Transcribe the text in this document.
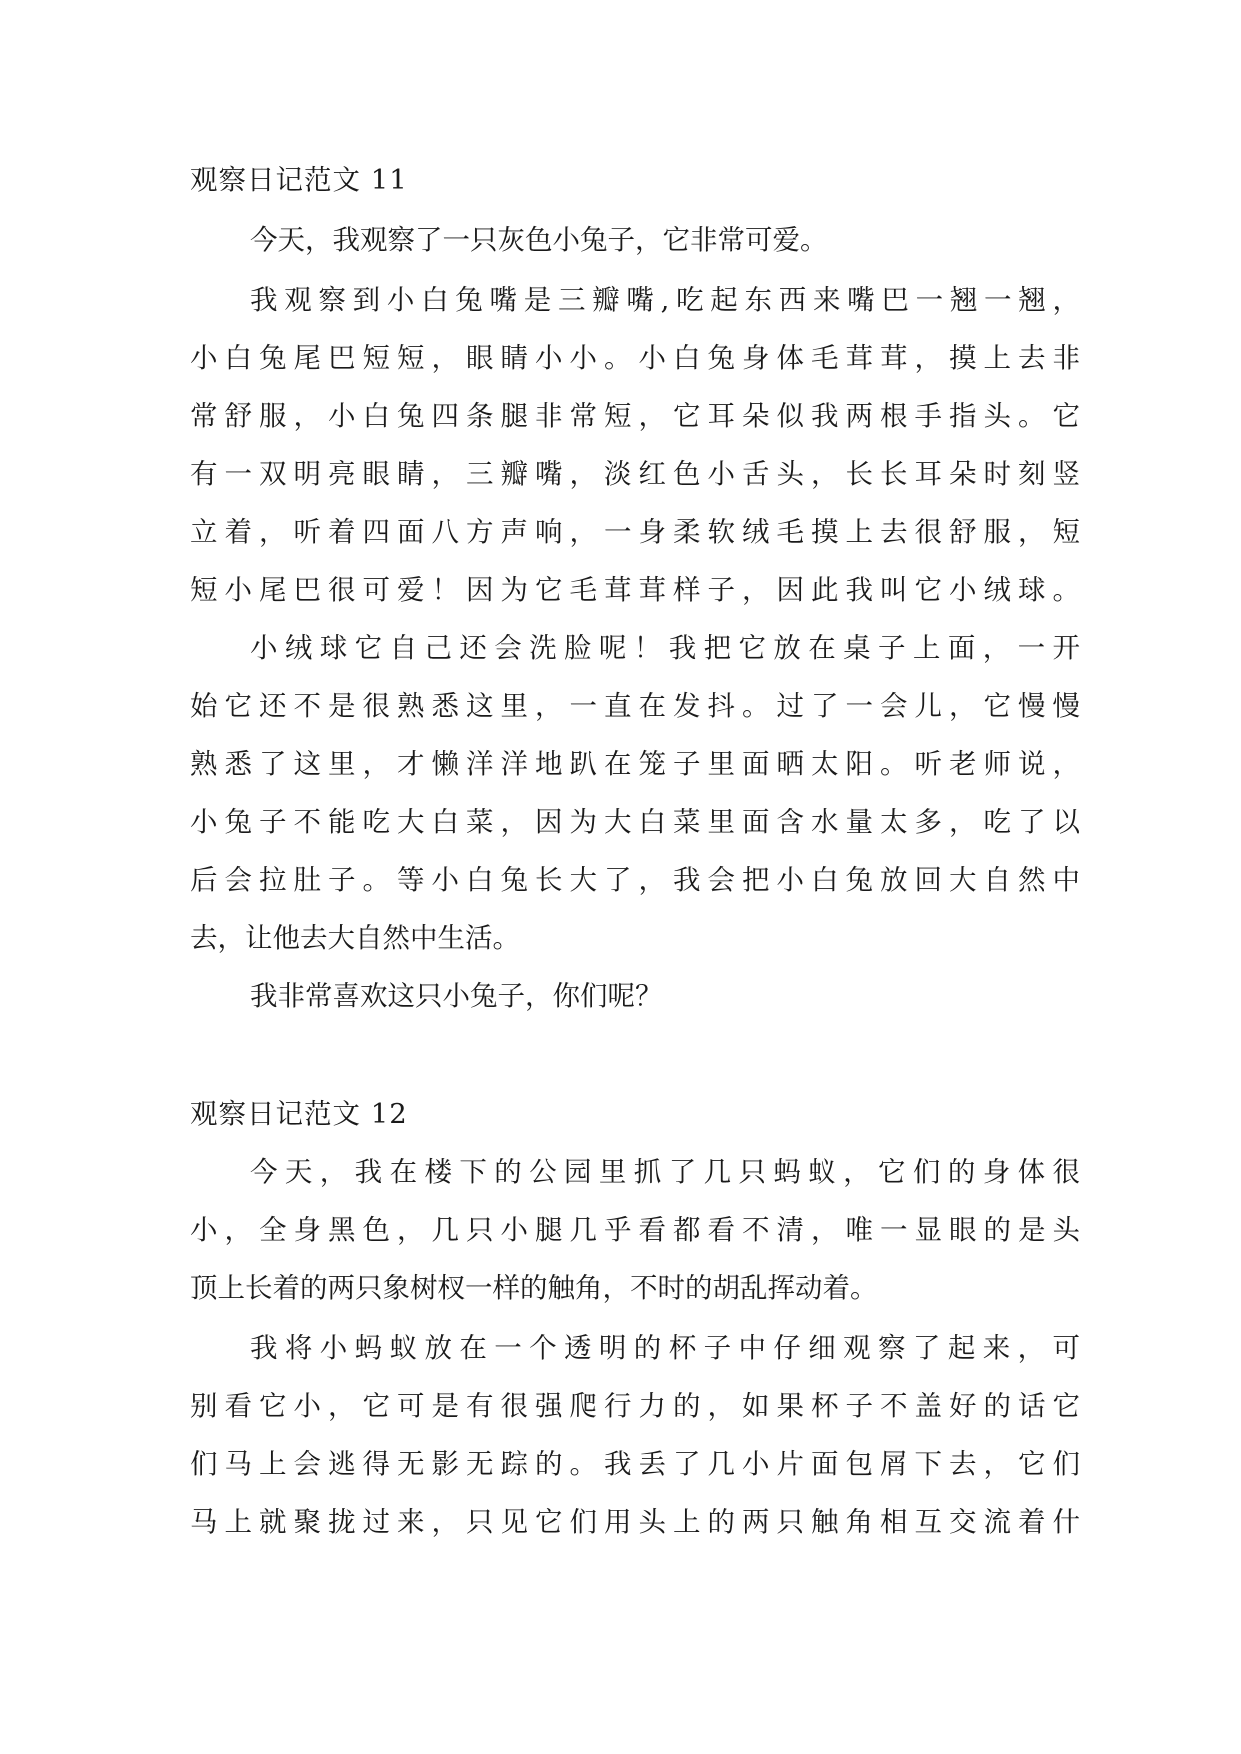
观察日记范文 11

今天，我观察了一只灰色小兔子，它非常可爱。

我观察到小白兔嘴是三瓣嘴,吃起东西来嘴巴一翘一翘，

小白兔尾巴短短，眼睛小小。小白兔身体毛茸茸，摸上去非

常舒服，小白兔四条腿非常短，它耳朵似我两根手指头。它

有一双明亮眼睛，三瓣嘴，淡红色小舌头，长长耳朵时刻竖

立着，听着四面八方声响，一身柔软绒毛摸上去很舒服，短

短小尾巴很可爱！因为它毛茸茸样子，因此我叫它小绒球。

小绒球它自己还会洗脸呢！我把它放在桌子上面，一开

始它还不是很熟悉这里，一直在发抖。过了一会儿，它慢慢

熟悉了这里，才懒洋洋地趴在笼子里面晒太阳。听老师说，

小兔子不能吃大白菜，因为大白菜里面含水量太多，吃了以

后会拉肚子。等小白兔长大了，我会把小白兔放回大自然中

去，让他去大自然中生活。

我非常喜欢这只小兔子，你们呢？

观察日记范文 12

今天，我在楼下的公园里抓了几只蚂蚁，它们的身体很

小，全身黑色，几只小腿几乎看都看不清，唯一显眼的是头

顶上长着的两只象树杈一样的触角，不时的胡乱挥动着。

我将小蚂蚁放在一个透明的杯子中仔细观察了起来，可

别看它小，它可是有很强爬行力的，如果杯子不盖好的话它

们马上会逃得无影无踪的。我丢了几小片面包屑下去，它们

马上就聚拢过来，只见它们用头上的两只触角相互交流着什
